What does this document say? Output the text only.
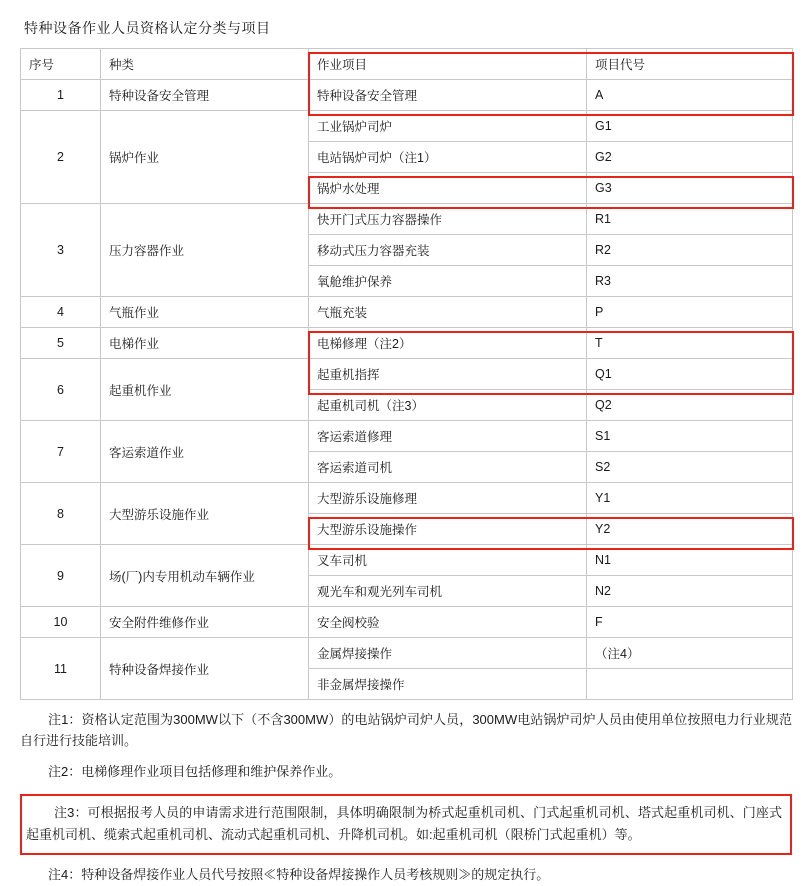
特种设备作业人员资格认定分类与项目
序号	种类	作业项目	项目代号
1	特种设备安全管理	特种设备安全管理	A
2	锅炉作业	工业锅炉司炉	G1
		电站锅炉司炉（注1）	G2
		锅炉水处理	G3
3	压力容器作业	快开门式压力容器操作	R1
		移动式压力容器充装	R2
		氧舱维护保养	R3
4	气瓶作业	气瓶充装	P
5	电梯作业	电梯修理（注2）	T
6	起重机作业	起重机指挥	Q1
		起重机司机（注3）	Q2
7	客运索道作业	客运索道修理	S1
		客运索道司机	S2
8	大型游乐设施作业	大型游乐设施修理	Y1
		大型游乐设施操作	Y2
9	场(厂)内专用机动车辆作业	叉车司机	N1
		观光车和观光列车司机	N2
10	安全附件维修作业	安全阀校验	F
11	特种设备焊接作业	金属焊接操作	（注4）
		非金属焊接操作	
注1：资格认定范围为300MW以下（不含300MW）的电站锅炉司炉人员，300MW电站锅炉司炉人员由使用单位按照电力行业规范自行进行技能培训。
注2：电梯修理作业项目包括修理和维护保养作业。
注3：可根据报考人员的申请需求进行范围限制，具体明确限制为桥式起重机司机、门式起重机司机、塔式起重机司机、门座式起重机司机、缆索式起重机司机、流动式起重机司机、升降机司机。如:起重机司机（限桥门式起重机）等。
注4：特种设备焊接作业人员代号按照≪特种设备焊接操作人员考核规则≫的规定执行。
